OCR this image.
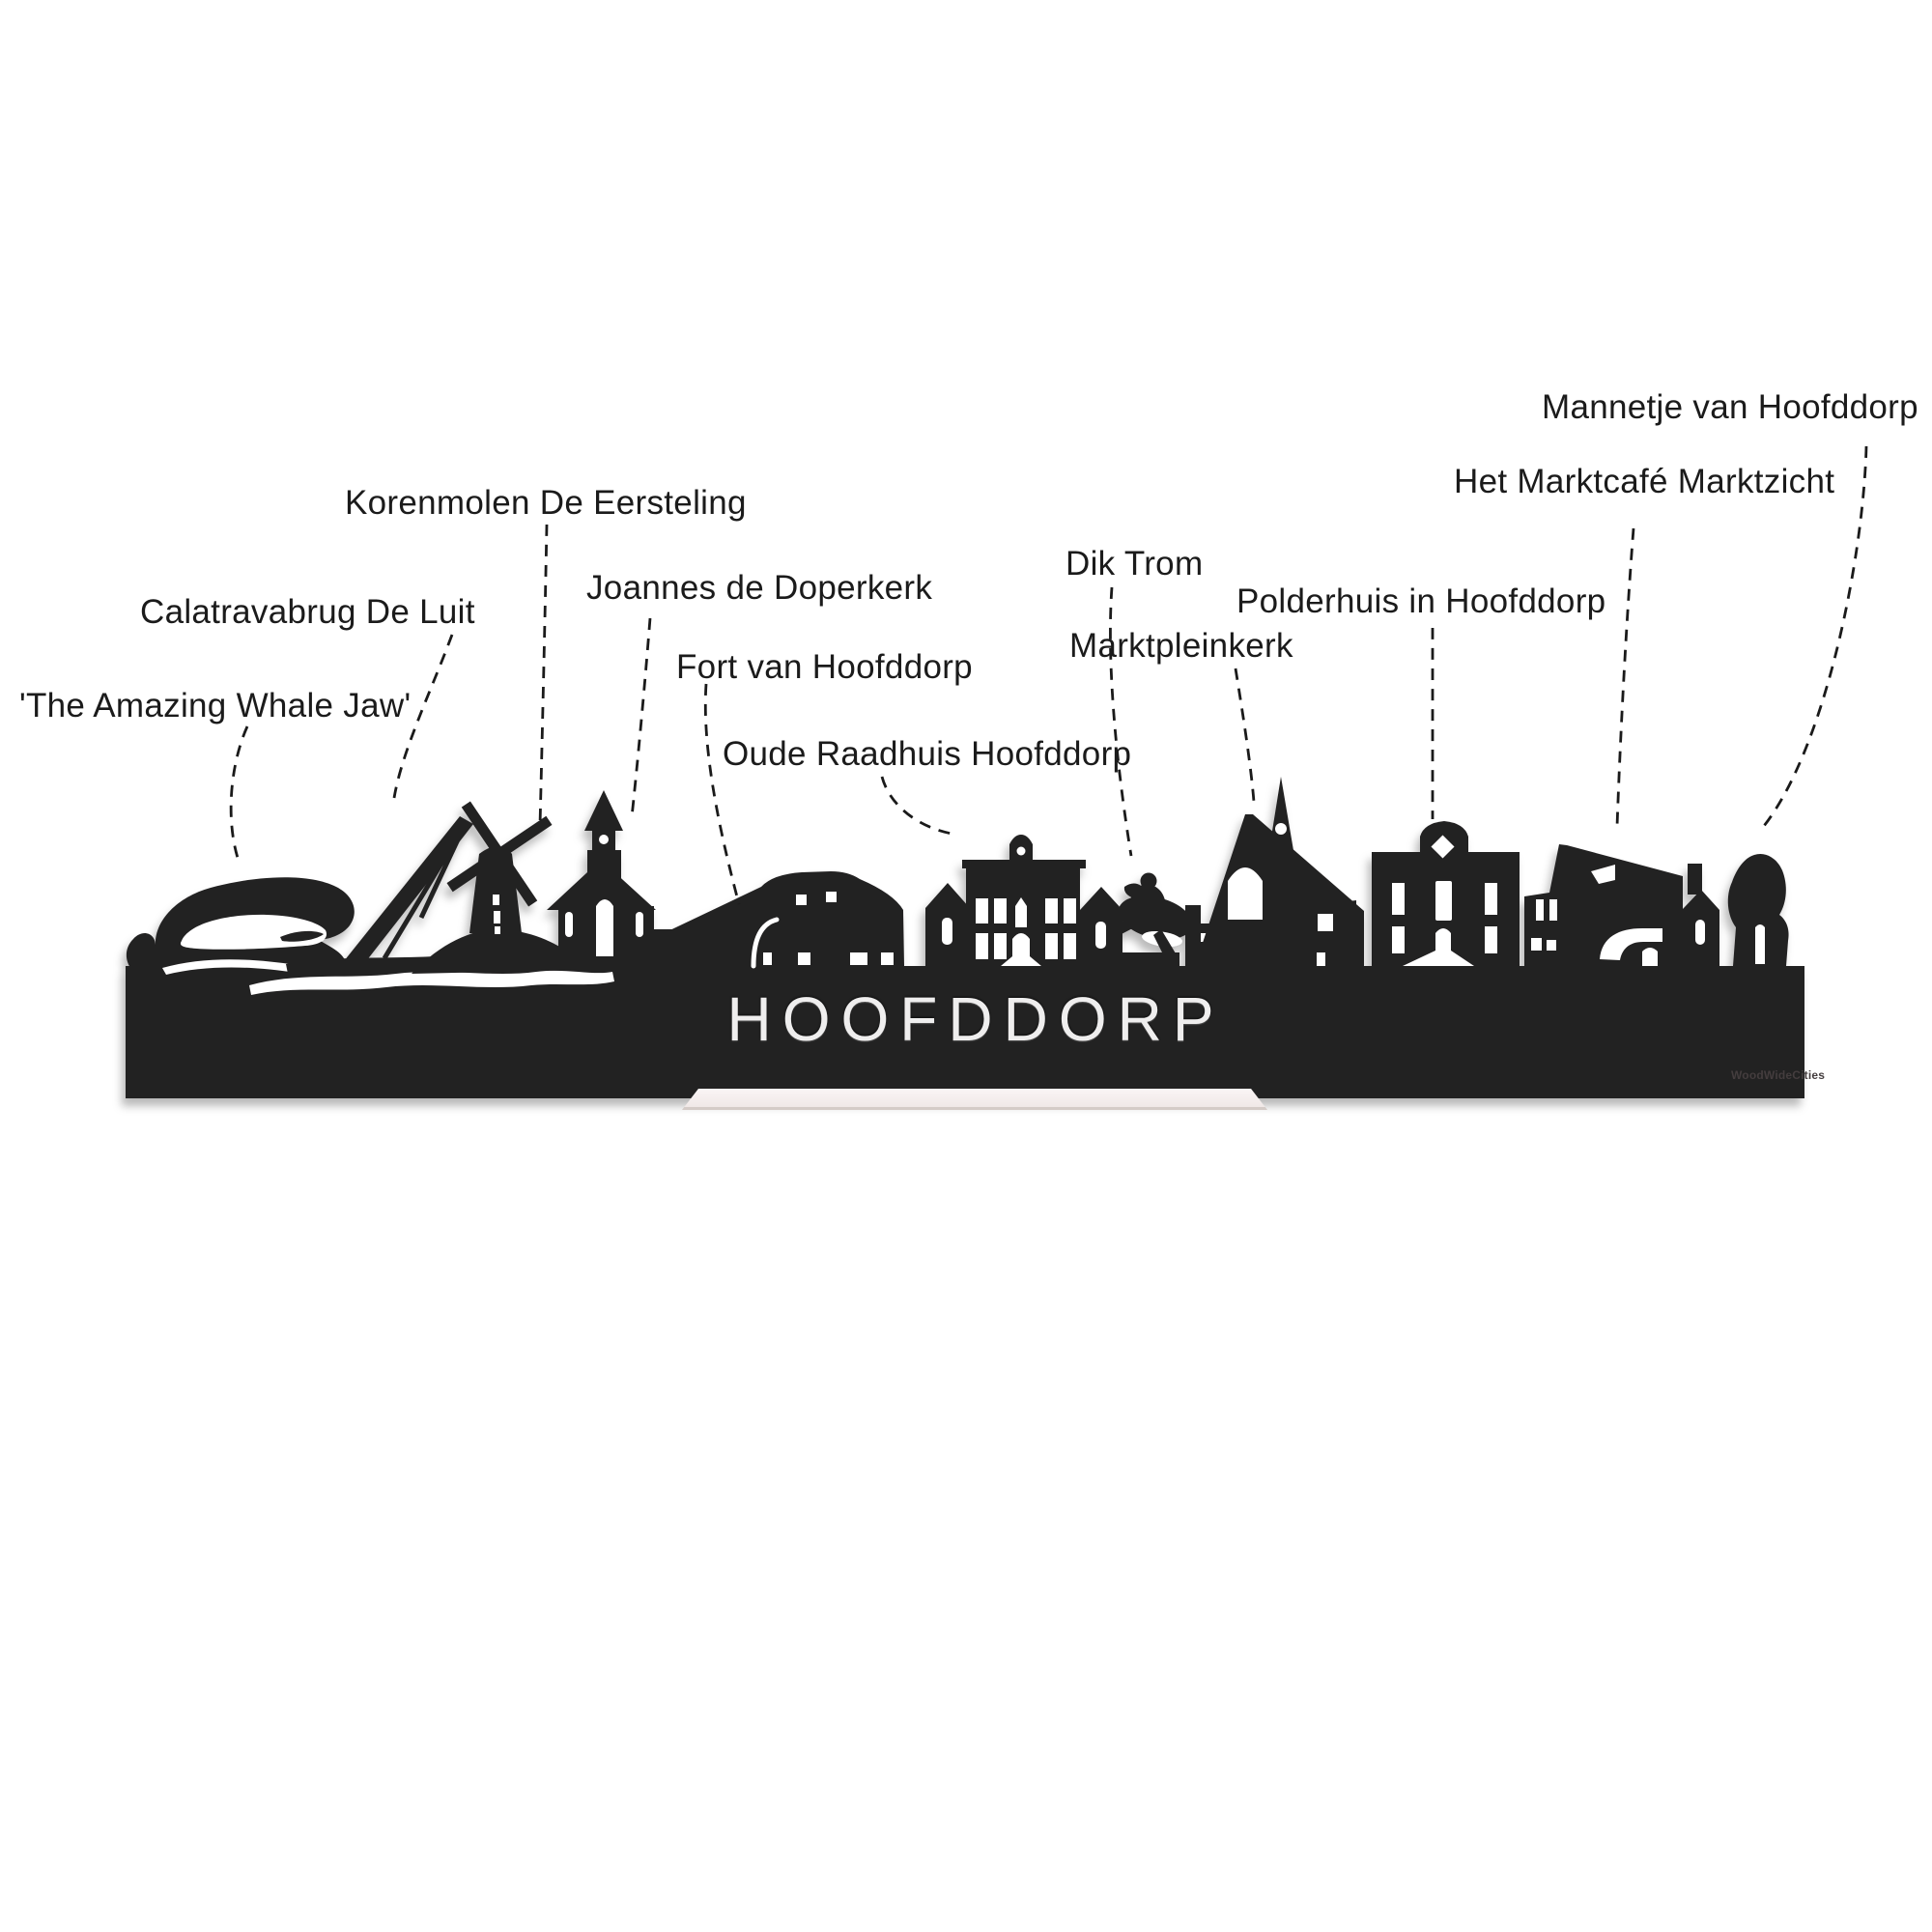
'The Amazing Whale Jaw'
Calatravabrug De Luit
Korenmolen De Eersteling
Joannes de Doperkerk
Fort van Hoofddorp
Oude Raadhuis Hoofddorp
Dik Trom
Marktpleinkerk
Polderhuis in Hoofddorp
Het Marktcafé Marktzicht
Mannetje van Hoofddorp
HOOFDDORP
WoodWideCities
